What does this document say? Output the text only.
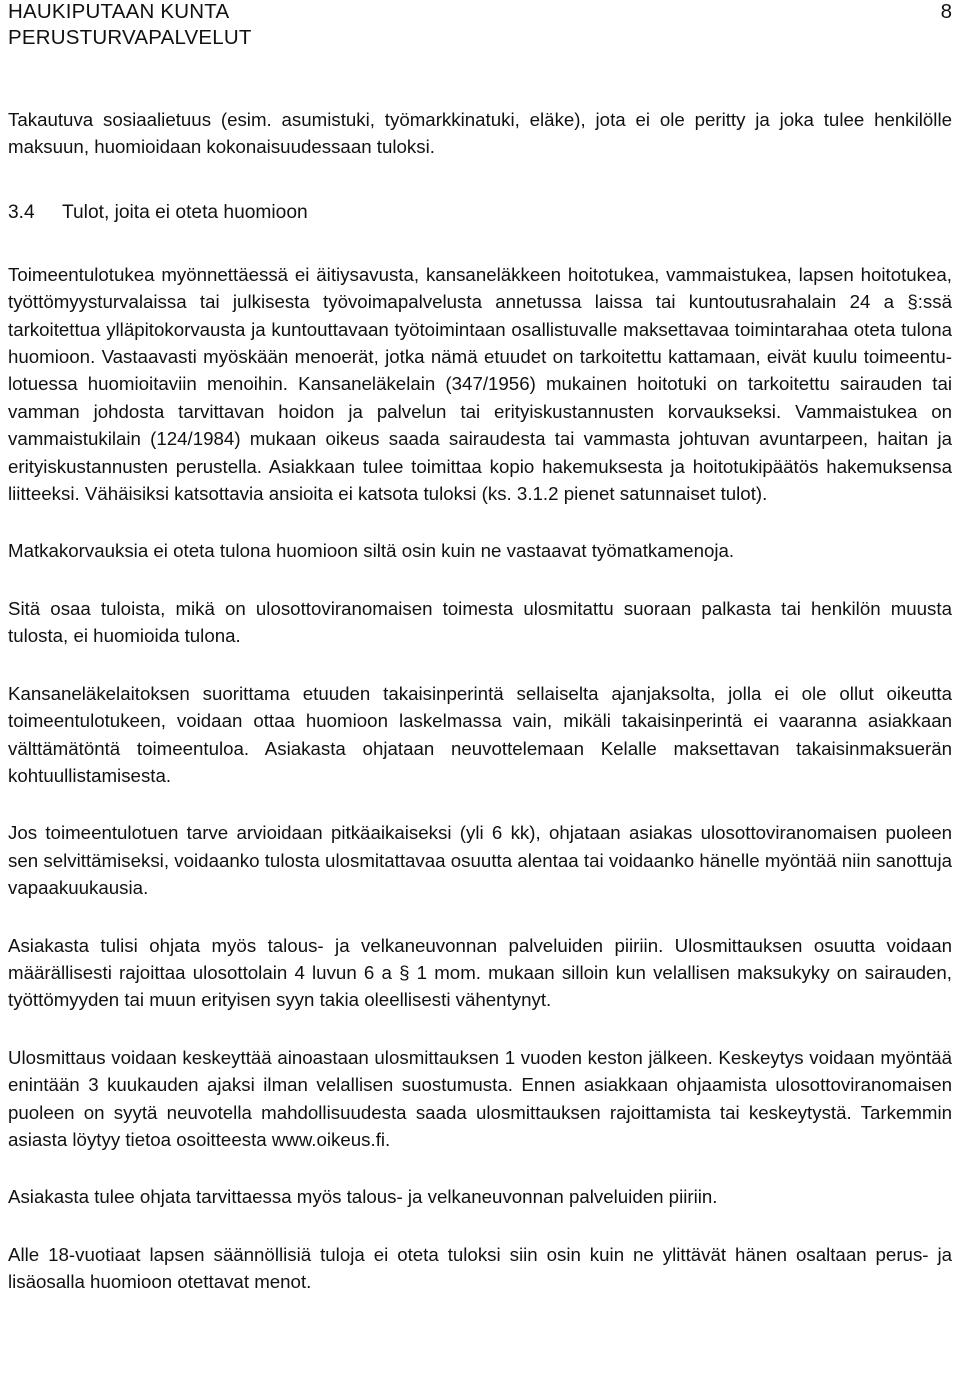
HAUKIPUTAAN KUNTA
PERUSTURVAPALVELUT
8

Takautuva sosiaalietuus (esim. asumistuki, työmarkkinatuki, eläke), jota ei ole peritty ja joka tulee henkilölle maksuun, huomioidaan kokonaisuudessaan tuloksi.

3.4 Tulot, joita ei oteta huomioon

Toimeentulotukea myönnettäessä ei äitiysavusta, kansaneläkkeen hoitotukea, vammaistukea, lapsen hoitotukea, työttömyysturvalaissa tai julkisesta työvoimapalvelusta annetussa laissa tai kuntoutusrahalain 24 a §:ssä tarkoitettua ylläpitokorvausta ja kuntouttavaan työtoimintaan osallistuvalle maksettavaa toimintarahaa oteta tulona huomioon. Vastaavasti myöskään menoerät, jotka nämä etuudet on tarkoitettu kattamaan, eivät kuulu toimeentulotuessa huomioitaviin menoihin. Kansaneläkelain (347/1956) mukainen hoitotuki on tarkoitettu sairauden tai vamman johdosta tarvittavan hoidon ja palvelun tai erityiskustannusten korvaukseksi. Vammaistukea on vammaistukilain (124/1984) mukaan oikeus saada sairaudesta tai vammasta johtuvan avuntarpeen, haitan ja erityiskustannusten perustella. Asiakkaan tulee toimittaa kopio hakemuksesta ja hoitotukipäätös hakemuksensa liitteeksi. Vähäisiksi katsottavia ansioita ei katsota tuloksi (ks. 3.1.2 pienet satunnaiset tulot).

Matkakorvauksia ei oteta tulona huomioon siltä osin kuin ne vastaavat työmatkamenoja.

Sitä osaa tuloista, mikä on ulosottoviranomaisen toimesta ulosmitattu suoraan palkasta tai henkilön muusta tulosta, ei huomioida tulona.

Kansaneläkelaitoksen suorittama etuuden takaisinperintä sellaiselta ajanjaksolta, jolla ei ole ollut oikeutta toimeentulotukeen, voidaan ottaa huomioon laskelmassa vain, mikäli takaisinperintä ei vaaranna asiakkaan välttämätöntä toimeentuloa. Asiakasta ohjataan neuvottelemaan Kelalle maksettavan takaisinmaksuerän kohtuullistamisesta.

Jos toimeentulotuen tarve arvioidaan pitkäaikaiseksi (yli 6 kk), ohjataan asiakas ulosottoviranomaisen puoleen sen selvittämiseksi, voidaanko tulosta ulosmitattavaa osuutta alentaa tai voidaanko hänelle myöntää niin sanottuja vapaakuukausia.

Asiakasta tulisi ohjata myös talous- ja velkaneuvonnan palveluiden piiriin. Ulosmittauksen osuutta voidaan määrällisesti rajoittaa ulosottolain 4 luvun 6 a § 1 mom. mukaan silloin kun velallisen maksukyky on sairauden, työttömyyden tai muun erityisen syyn takia oleellisesti vähentynyt.

Ulosmittaus voidaan keskeyttää ainoastaan ulosmittauksen 1 vuoden keston jälkeen. Keskeytys voidaan myöntää enintään 3 kuukauden ajaksi ilman velallisen suostumusta. Ennen asiakkaan ohjaamista ulosottoviranomaisen puoleen on syytä neuvotella mahdollisuudesta saada ulosmittauksen rajoittamista tai keskeytystä. Tarkemmin asiasta löytyy tietoa osoitteesta www.oikeus.fi.

Asiakasta tulee ohjata tarvittaessa myös talous- ja velkaneuvonnan palveluiden piiriin.

Alle 18-vuotiaat lapsen säännöllisiä tuloja ei oteta tuloksi siin osin kuin ne ylittävät hänen osaltaan perus- ja lisäosalla huomioon otettavat menot.
